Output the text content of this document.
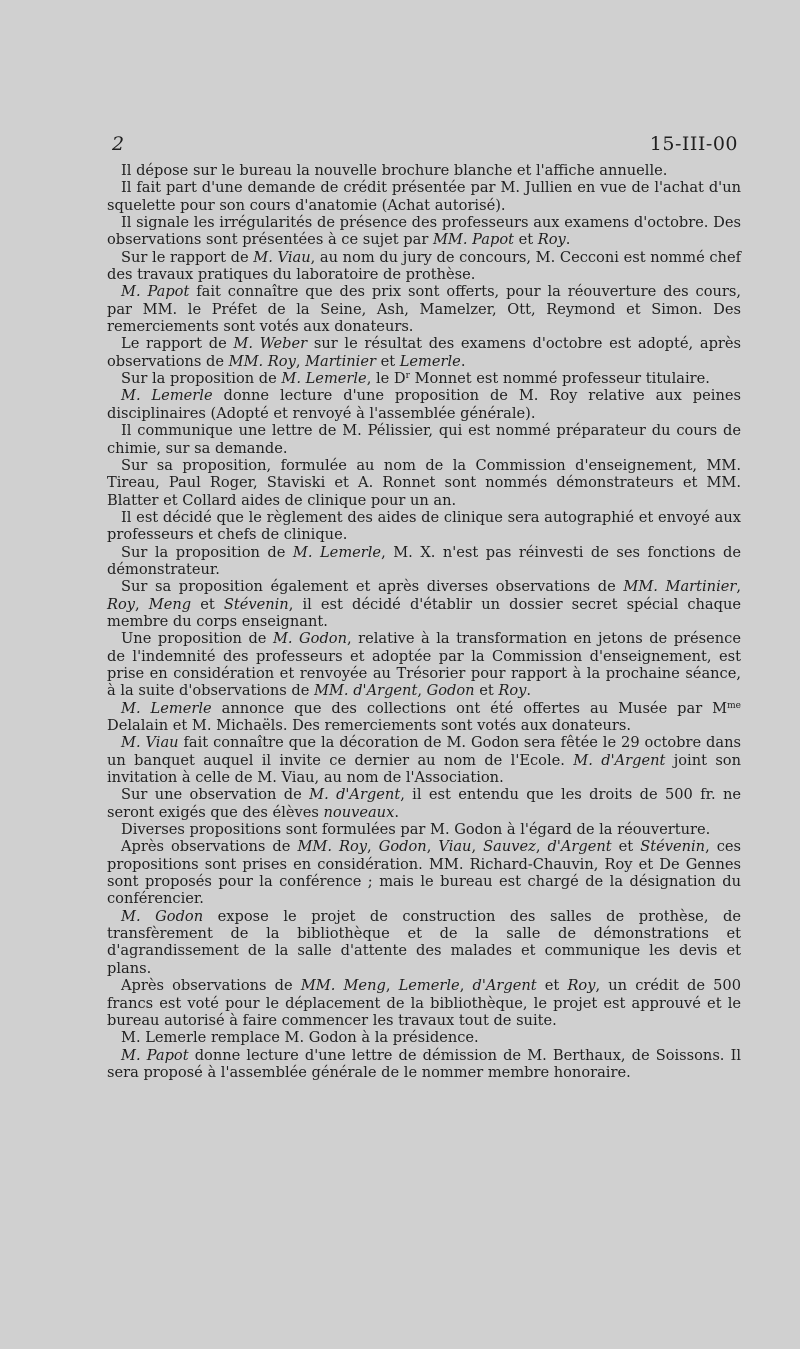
2	15-III-00

Il dépose sur le bureau la nouvelle brochure blanche et l'affiche annuelle.

Il fait part d'une demande de crédit présentée par M. Jullien en vue de l'achat d'un squelette pour son cours d'anatomie (Achat autorisé).

Il signale les irrégularités de présence des professeurs aux examens d'octobre. Des observations sont présentées à ce sujet par MM. Papot et Roy.

Sur le rapport de M. Viau, au nom du jury de concours, M. Cecconi est nommé chef des travaux pratiques du laboratoire de prothèse.

M. Papot fait connaître que des prix sont offerts, pour la réouverture des cours, par MM. le Préfet de la Seine, Ash, Mamelzer, Ott, Reymond et Simon. Des remerciements sont votés aux donateurs.

Le rapport de M. Weber sur le résultat des examens d'octobre est adopté, après observations de MM. Roy, Martinier et Lemerle.

Sur la proposition de M. Lemerle, le $D^r$ Monnet est nommé professeur titulaire.

M. Lemerle donne lecture d'une proposition de M. Roy relative aux peines disciplinaires (Adopté et renvoyé à l'assemblée générale).

Il communique une lettre de M. Pélissier, qui est nommé préparateur du cours de chimie, sur sa demande.

Sur sa proposition, formulée au nom de la Commission d'enseignement, MM. Tireau, Paul Roger, Staviski et A. Ronnet sont nommés démonstrateurs et MM. Blatter et Collard aides de clinique pour un an.

Il est décidé que le règlement des aides de clinique sera autographié et envoyé aux professeurs et chefs de clinique.

Sur la proposition de M. Lemerle, M. X. n'est pas réinvesti de ses fonctions de démonstrateur.

Sur sa proposition également et après diverses observations de MM. Martinier, Roy, Meng et Stévenin, il est décidé d'établir un dossier secret spécial chaque membre du corps enseignant.

Une proposition de M. Godon, relative à la transformation en jetons de présence de l'indemnité des professeurs et adoptée par la Commission d'enseignement, est prise en considération et renvoyée au Trésorier pour rapport à la prochaine séance, à la suite d'observations de MM. d'Argent, Godon et Roy.

M. Lemerle annonce que des collections ont été offertes au Musée par $M^{me}$ Delalain et M. Michaëls. Des remerciements sont votés aux donateurs.

M. Viau fait connaître que la décoration de M. Godon sera fêtée le 29 octobre dans un banquet auquel il invite ce dernier au nom de l'Ecole. M. d'Argent joint son invitation à celle de M. Viau, au nom de l'Association.

Sur une observation de M. d'Argent, il est entendu que les droits de 500 fr. ne seront exigés que des élèves nouveaux.

Diverses propositions sont formulées par M. Godon à l'égard de la réouverture.

Après observations de MM. Roy, Godon, Viau, Sauvez, d'Argent et Stévenin, ces propositions sont prises en considération. MM. Richard-Chauvin, Roy et De Gennes sont proposés pour la conférence ; mais le bureau est chargé de la désignation du conférencier.

M. Godon expose le projet de construction des salles de prothèse, de transfèrement de la bibliothèque et de la salle de démonstrations et d'agrandissement de la salle d'attente des malades et communique les devis et plans.

Après observations de MM. Meng, Lemerle, d'Argent et Roy, un crédit de 500 francs est voté pour le déplacement de la bibliothèque, le projet est approuvé et le bureau autorisé à faire commencer les travaux tout de suite.

M. Lemerle remplace M. Godon à la présidence.

M. Papot donne lecture d'une lettre de démission de M. Berthaux, de Soissons. Il sera proposé à l'assemblée générale de le nommer membre honoraire.
